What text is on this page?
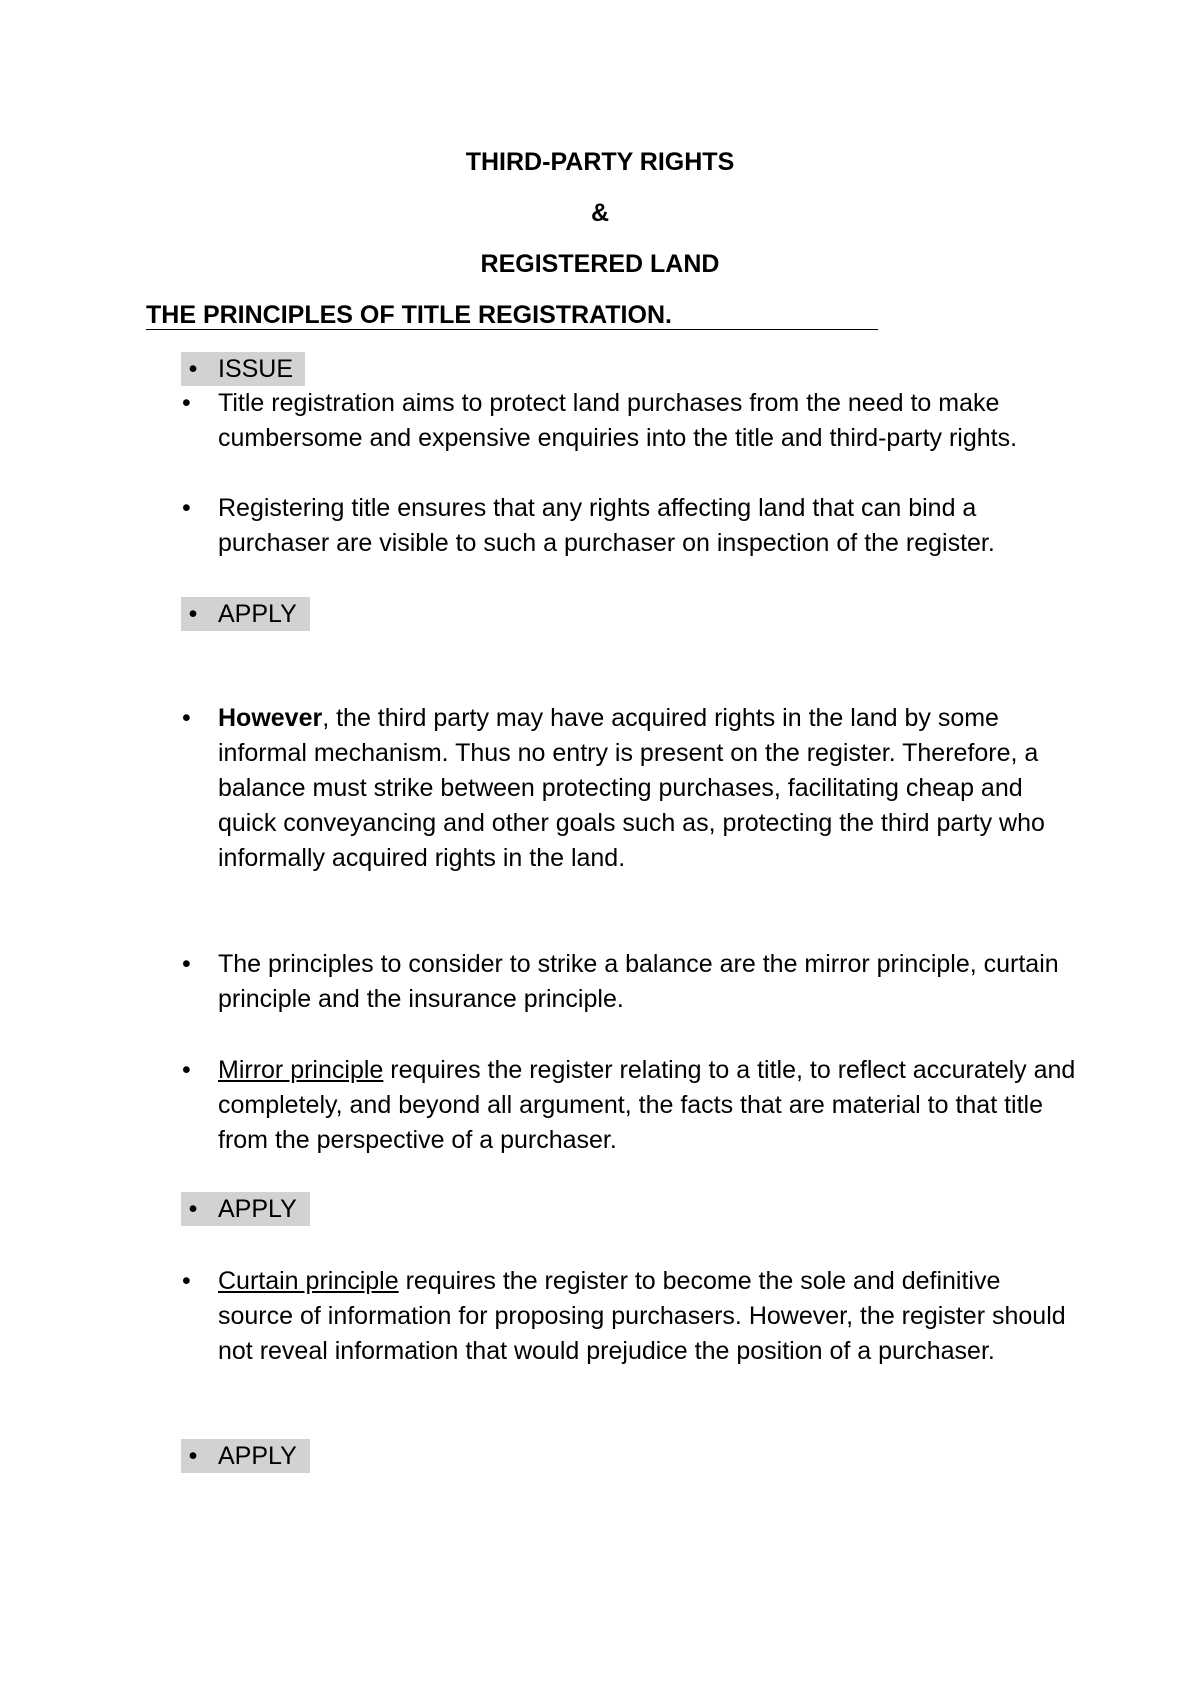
THIRD-PARTY RIGHTS
&
REGISTERED LAND
THE PRINCIPLES OF TITLE REGISTRATION.
• ISSUE
• Title registration aims to protect land purchases from the need to make cumbersome and expensive enquiries into the title and third-party rights.
• Registering title ensures that any rights affecting land that can bind a purchaser are visible to such a purchaser on inspection of the register.
• APPLY
• However, the third party may have acquired rights in the land by some informal mechanism. Thus no entry is present on the register. Therefore, a balance must strike between protecting purchases, facilitating cheap and quick conveyancing and other goals such as, protecting the third party who informally acquired rights in the land.
• The principles to consider to strike a balance are the mirror principle, curtain principle and the insurance principle.
• Mirror principle requires the register relating to a title, to reflect accurately and completely, and beyond all argument, the facts that are material to that title from the perspective of a purchaser.
• APPLY
• Curtain principle requires the register to become the sole and definitive source of information for proposing purchasers. However, the register should not reveal information that would prejudice the position of a purchaser.
• APPLY
